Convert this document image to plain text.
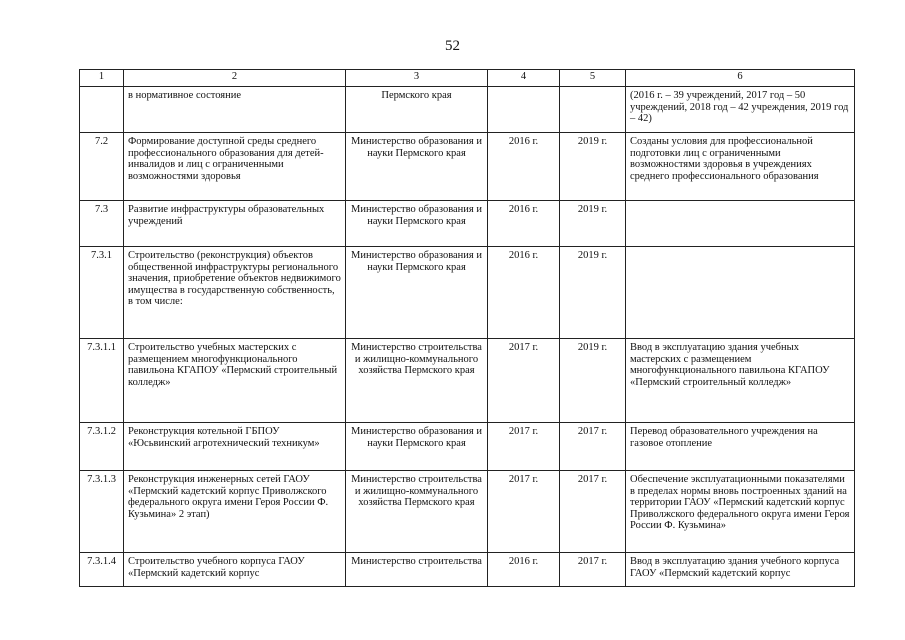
52
1	2	3	4	5	6
	в нормативное состояние	Пермского края			(2016 г. – 39 учреждений, 2017 год – 50 учреждений, 2018 год – 42 учреждения, 2019 год – 42)
7.2	Формирование доступной среды среднего профессионального образования для детей-инвалидов и лиц с ограниченными возможностями здоровья	Министерство образования и науки Пермского края	2016 г.	2019 г.	Созданы условия для профессиональной подготовки лиц с ограниченными возможностями здоровья в учреждениях среднего профессионального образования
7.3	Развитие инфраструктуры образовательных учреждений	Министерство образования и науки Пермского края	2016 г.	2019 г.	
7.3.1	Строительство (реконструкция) объектов общественной инфраструктуры регионального значения, приобретение объектов недвижимого имущества в государственную собственность, в том числе:	Министерство образования и науки Пермского края	2016 г.	2019 г.	
7.3.1.1	Строительство учебных мастерских с размещением многофункционального павильона КГАПОУ «Пермский строительный колледж»	Министерство строительства и жилищно-коммунального хозяйства Пермского края	2017 г.	2019 г.	Ввод в эксплуатацию здания учебных мастерских с размещением многофункционального павильона КГАПОУ «Пермский строительный колледж»
7.3.1.2	Реконструкция котельной ГБПОУ «Юсьвинский агротехнический техникум»	Министерство образования и науки Пермского края	2017 г.	2017 г.	Перевод образовательного учреждения на газовое отопление
7.3.1.3	Реконструкция инженерных сетей ГАОУ «Пермский кадетский корпус Приволжского федерального округа имени Героя России Ф. Кузьмина» 2 этап)	Министерство строительства и жилищно-коммунального хозяйства Пермского края	2017 г.	2017 г.	Обеспечение эксплуатационными показателями в пределах нормы вновь построенных зданий на территории ГАОУ «Пермский кадетский корпус Приволжского федерального округа имени Героя России Ф. Кузьмина»
7.3.1.4	Строительство учебного корпуса ГАОУ «Пермский кадетский корпус	Министерство строительства	2016 г.	2017 г.	Ввод в эксплуатацию здания учебного корпуса ГАОУ «Пермский кадетский корпус
